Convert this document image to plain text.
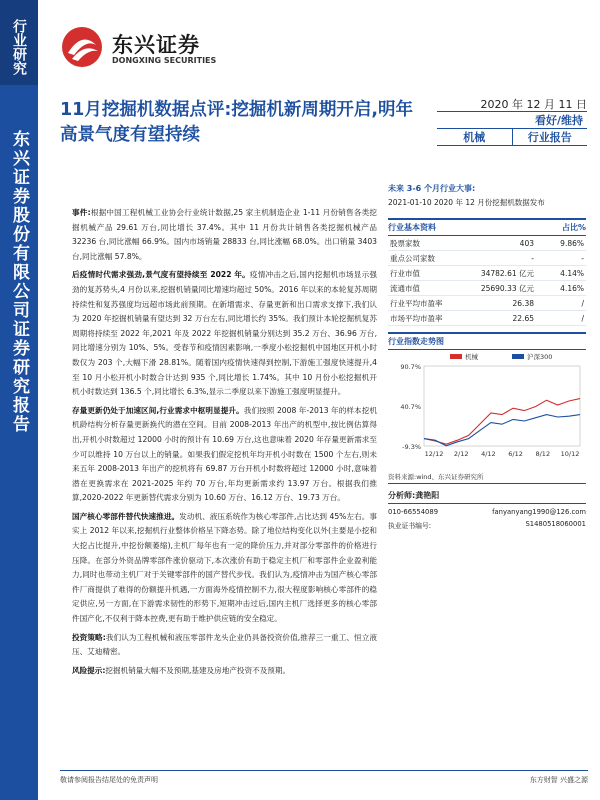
行业研究
东兴证券股份有限公司证券研究报告
东兴证券
DONGXING SECURITIES
11月挖掘机数据点评:挖掘机新周期开启,明年高景气度有望持续
2020 年 12 月 11 日
看好/维持
机械	行业报告

事件:根据中国工程机械工业协会行业统计数据,25 家主机制造企业 1-11 月份销售各类挖掘机械产品 29.61 万台,同比增长 37.4%。其中 11 月份共计销售各类挖掘机械产品 32236 台,同比涨幅 66.9%。国内市场销量 28833 台,同比涨幅 68.0%。出口销量 3403 台,同比涨幅 57.8%。

后疫情时代需求强劲,景气度有望持续至 2022 年。疫情冲击之后,国内挖掘机市场显示强劲的复苏势头,4 月份以来,挖掘机销量同比增速均超过 50%。2016 年以来的本轮复苏周期持续性和复苏强度均远超市场此前预期。在新增需求、存量更新和出口需求支撑下,我们认为 2020 年挖掘机销量有望达到 32 万台左右,同比增长约 35%。我们预计本轮挖掘机复苏周期将持续至 2022 年,2021 年及 2022 年挖掘机销量分别达到 35.2 万台、36.96 万台,同比增速分别为 10%、5%。受春节和疫情因素影响,一季度小松挖掘机中国地区开机小时数仅为 203 个,大幅下滑 28.81%。随着国内疫情快速得到控制,下游施工强度快速提升,4 至 10 月小松开机小时数合计达到 935 个,同比增长 1.74%。其中 10 月份小松挖掘机开机小时数达到 136.5 个,同比增长 6.3%,显示二季度以来下游施工强度明显提升。

存量更新仍处于加速区间,行业需求中枢明显提升。我们按照 2008 年-2013 年的样本挖机机龄结构分析存量更新换代的潜在空间。目前 2008-2013 年出产的机型中,按比例估算得出,开机小时数超过 12000 小时的预计有 10.69 万台,这也意味着 2020 年存量更新需求至少可以维持 10 万台以上的销量。如果我们假定挖机年均开机小时数在 1500 个左右,则未来五年 2008-2013 年出产的挖机将有 69.87 万台开机小时数将超过 12000 小时,意味着潜在更换需求在 2021-2025 年约 70 万台,年均更新需求约 13.97 万台。根据我们推算,2020-2022 年更新替代需求分别为 10.60 万台、16.12 万台、19.73 万台。

国产核心零部件替代快速推进。发动机、液压系统作为核心零部件,占比达到 45%左右。事实上 2012 年以来,挖掘机行业整体价格呈下降态势。除了地位结构变化以外(主要是小挖和大挖占比提升,中挖份额萎缩),主机厂每年也有一定的降价压力,并对部分零部件的价格进行压降。在部分外资品牌零部件涨价驱动下,本次涨价有助于稳定主机厂和零部件企业盈利能力,同时也带动主机厂对于关键零部件的国产替代步伐。我们认为,疫情冲击为国产核心零部件厂商提供了难得的份额提升机遇,一方面海外疫情控制不力,很大程度影响核心零部件的稳定供应,另一方面,在下游需求韧性的形势下,短期冲击过后,国内主机厂选择更多的核心零部件国产化,不仅利于降本控费,更有助于维护供应链的安全稳定。

投资策略:我们认为工程机械和液压零部件龙头企业仍具备投资价值,推荐三一重工、恒立液压、艾迪精密。

风险提示:挖掘机销量大幅不及预期,基建及房地产投资不及预期。

未来 3-6 个月行业大事:
2021-01-10 2020 年 12 月份挖掘机数据发布
行业基本资料	占比%
股票家数	403	9.86%
重点公司家数	-	-
行业市值	34782.61 亿元	4.14%
流通市值	25690.33 亿元	4.16%
行业平均市盈率	26.38	/
市场平均市盈率	22.65	/
行业指数走势图
90.7%
40.7%
-9.3%
12/12 2/12 4/12 6/12 8/12 10/12
机械	沪深300
资料来源:wind、东兴证券研究所
分析师:龚艳阳
010-66554089	fanyanyang1990@126.com
执业证书编号:	S1480518060001
敬请参阅报告结尾处的免责声明	东方财智 兴盛之源
